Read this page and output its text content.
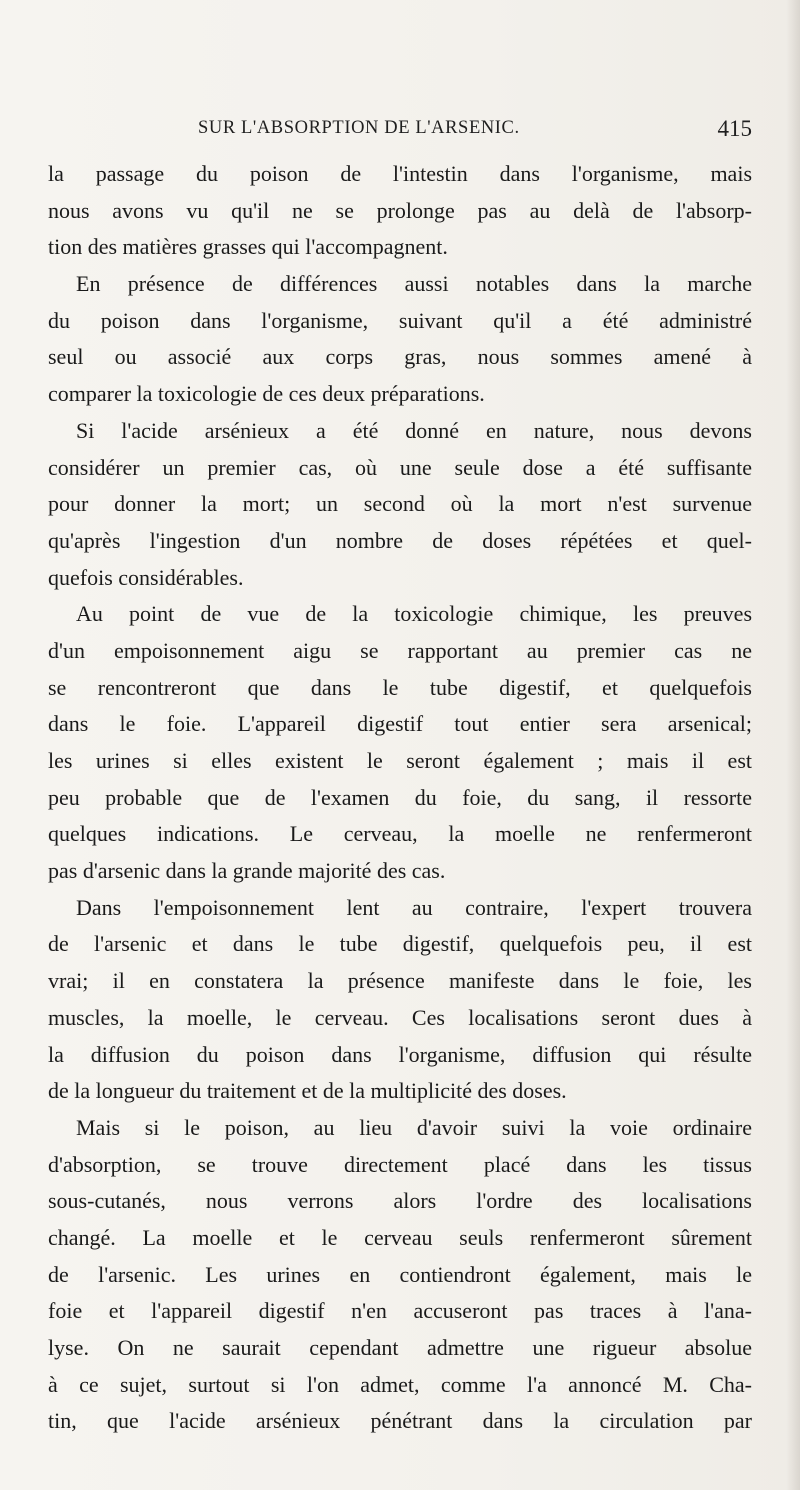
SUR L'ABSORPTION DE L'ARSENIC.	415
la passage du poison de l'intestin dans l'organisme, mais
nous avons vu qu'il ne se prolonge pas au delà de l'absorp-
tion des matières grasses qui l'accompagnent.
En présence de différences aussi notables dans la marche
du poison dans l'organisme, suivant qu'il a été administré
seul ou associé aux corps gras, nous sommes amené à
comparer la toxicologie de ces deux préparations.
Si l'acide arsénieux a été donné en nature, nous devons
considérer un premier cas, où une seule dose a été suffisante
pour donner la mort; un second où la mort n'est survenue
qu'après l'ingestion d'un nombre de doses répétées et quel-
quefois considérables.
Au point de vue de la toxicologie chimique, les preuves
d'un empoisonnement aigu se rapportant au premier cas ne
se rencontreront que dans le tube digestif, et quelquefois
dans le foie. L'appareil digestif tout entier sera arsenical;
les urines si elles existent le seront également ; mais il est
peu probable que de l'examen du foie, du sang, il ressorte
quelques indications. Le cerveau, la moelle ne renfermeront
pas d'arsenic dans la grande majorité des cas.
Dans l'empoisonnement lent au contraire, l'expert trouvera
de l'arsenic et dans le tube digestif, quelquefois peu, il est
vrai; il en constatera la présence manifeste dans le foie, les
muscles, la moelle, le cerveau. Ces localisations seront dues à
la diffusion du poison dans l'organisme, diffusion qui résulte
de la longueur du traitement et de la multiplicité des doses.
Mais si le poison, au lieu d'avoir suivi la voie ordinaire
d'absorption, se trouve directement placé dans les tissus
sous-cutanés, nous verrons alors l'ordre des localisations
changé. La moelle et le cerveau seuls renfermeront sûrement
de l'arsenic. Les urines en contiendront également, mais le
foie et l'appareil digestif n'en accuseront pas traces à l'ana-
lyse. On ne saurait cependant admettre une rigueur absolue
à ce sujet, surtout si l'on admet, comme l'a annoncé M. Cha-
tin, que l'acide arsénieux pénétrant dans la circulation par
